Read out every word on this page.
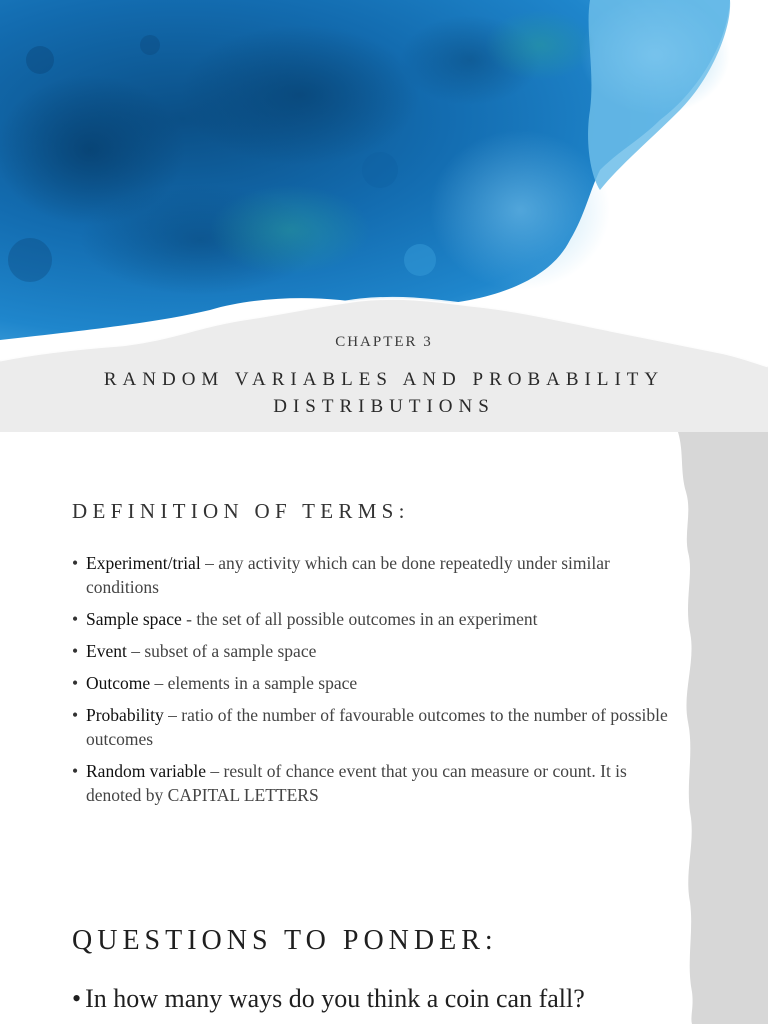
CHAPTER 3
RANDOM VARIABLES AND PROBABILITY DISTRIBUTIONS
DEFINITION OF TERMS:
• Experiment/trial – any activity which can be done repeatedly under similar conditions
• Sample space - the set of all possible outcomes in an experiment
• Event – subset of a sample space
• Outcome – elements in a sample space
• Probability – ratio of the number of favourable outcomes to the number of possible outcomes
• Random variable – result of chance event that you can measure or count. It is denoted by CAPITAL LETTERS
QUESTIONS TO PONDER:
• In how many ways do you think a coin can fall?
